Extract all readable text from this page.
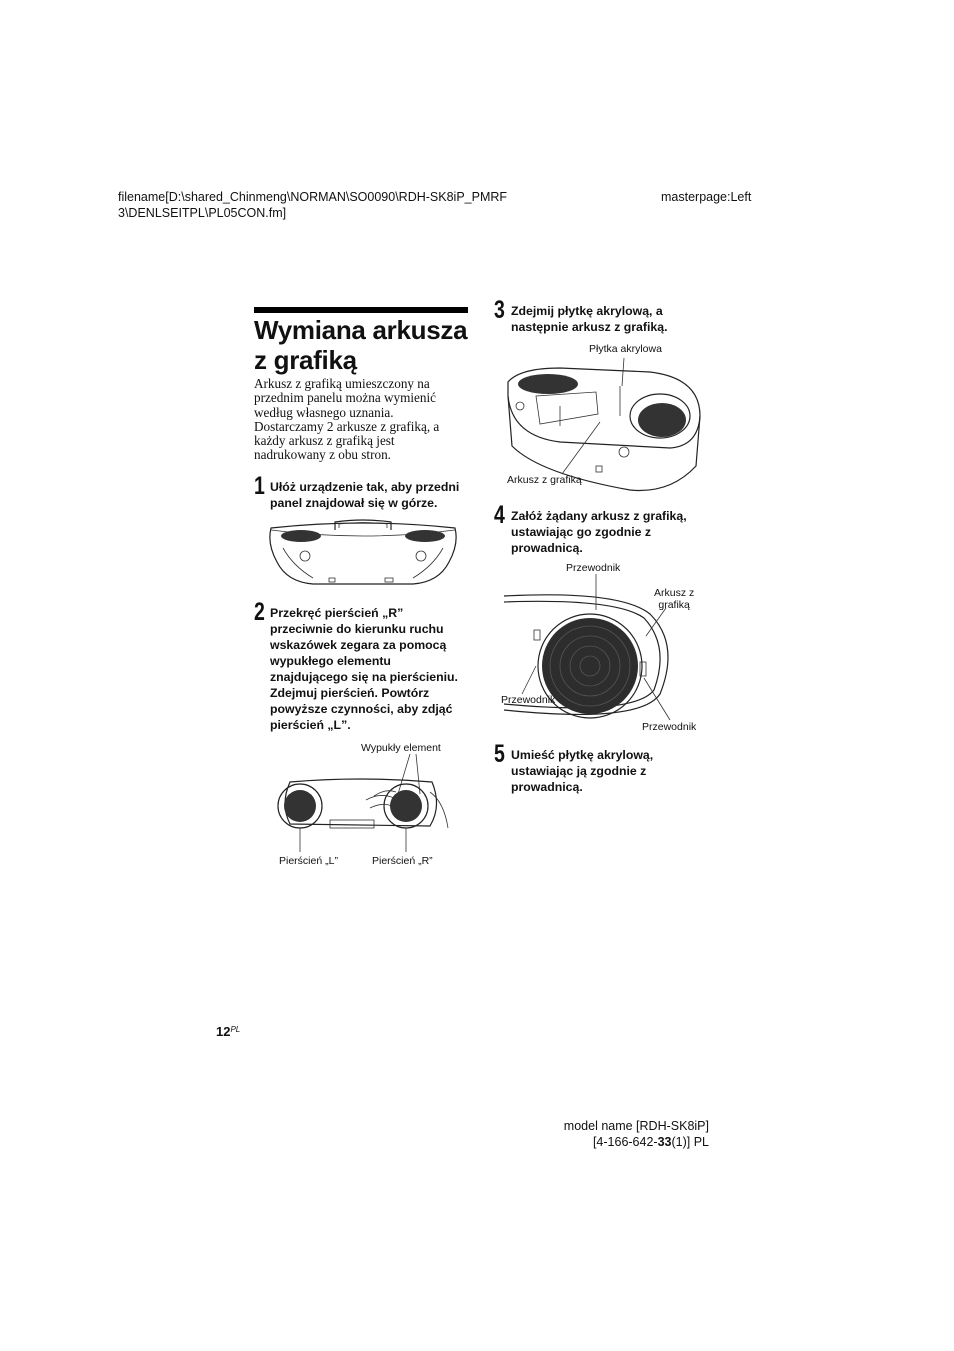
filename[D:\shared_Chinmeng\NORMAN\SO0090\RDH-SK8iP_PMRF
3\DENLSEITPL\PL05CON.fm]
masterpage:Left
Wymiana arkusza
z grafiką
Arkusz z grafiką umieszczony na
przednim panelu można wymienić
według własnego uznania.
Dostarczamy 2 arkusze z grafiką, a
każdy arkusz z grafiką jest
nadrukowany z obu stron.
1 Ułóż urządzenie tak, aby przedni
panel znajdował się w górze.
2 Przekręć pierścień „R”
przeciwnie do kierunku ruchu
wskazówek zegara za pomocą
wypukłego elementu
znajdującego się na pierścieniu.
Zdejmuj pierścień. Powtórz
powyższe czynności, aby zdjąć
pierścień „L”.
Wypukły element
Pierścień „L”	Pierścień „R”
3 Zdejmij płytkę akrylową, a
następnie arkusz z grafiką.
Płytka akrylowa
Arkusz z grafiką
4 Załóż żądany arkusz z grafiką,
ustawiając go zgodnie z
prowadnicą.
Przewodnik
Arkusz z
grafiką
Przewodnik
Przewodnik
5 Umieść płytkę akrylową,
ustawiając ją zgodnie z
prowadnicą.
$12^{PL}$
model name [RDH-SK8iP]
[4-166-642-33(1)] PL
